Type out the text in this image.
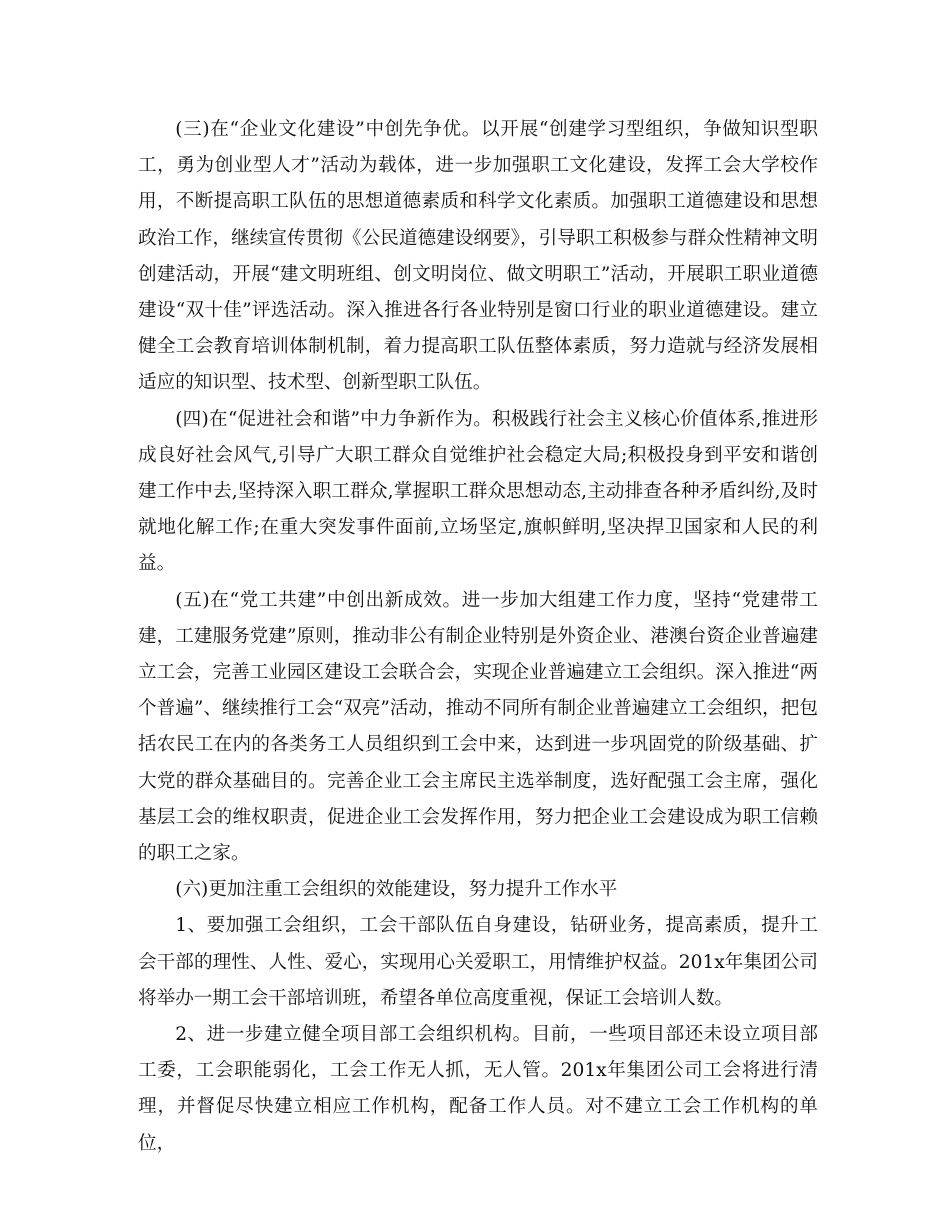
(三)在“企业文化建设”中创先争优。以开展“创建学习型组织，争做知识型职工，勇为创业型人才”活动为载体，进一步加强职工文化建设，发挥工会大学校作用，不断提高职工队伍的思想道德素质和科学文化素质。加强职工道德建设和思想政治工作，继续宣传贯彻《公民道德建设纲要》，引导职工积极参与群众性精神文明创建活动，开展“建文明班组、创文明岗位、做文明职工”活动，开展职工职业道德建设“双十佳”评选活动。深入推进各行各业特别是窗口行业的职业道德建设。建立健全工会教育培训体制机制，着力提高职工队伍整体素质，努力造就与经济发展相适应的知识型、技术型、创新型职工队伍。

(四)在“促进社会和谐”中力争新作为。积极践行社会主义核心价值体系,推进形成良好社会风气,引导广大职工群众自觉维护社会稳定大局;积极投身到平安和谐创建工作中去,坚持深入职工群众,掌握职工群众思想动态,主动排查各种矛盾纠纷,及时就地化解工作;在重大突发事件面前,立场坚定,旗帜鲜明,坚决捍卫国家和人民的利益。

(五)在“党工共建”中创出新成效。进一步加大组建工作力度，坚持“党建带工建，工建服务党建”原则，推动非公有制企业特别是外资企业、港澳台资企业普遍建立工会，完善工业园区建设工会联合会，实现企业普遍建立工会组织。深入推进“两个普遍”、继续推行工会“双亮”活动，推动不同所有制企业普遍建立工会组织，把包括农民工在内的各类务工人员组织到工会中来，达到进一步巩固党的阶级基础、扩大党的群众基础目的。完善企业工会主席民主选举制度，选好配强工会主席，强化基层工会的维权职责，促进企业工会发挥作用，努力把企业工会建设成为职工信赖的职工之家。

(六)更加注重工会组织的效能建设，努力提升工作水平

1、要加强工会组织，工会干部队伍自身建设，钻研业务，提高素质，提升工会干部的理性、人性、爱心，实现用心关爱职工，用情维护权益。201x年集团公司将举办一期工会干部培训班，希望各单位高度重视，保证工会培训人数。

2、进一步建立健全项目部工会组织机构。目前，一些项目部还未设立项目部工委，工会职能弱化，工会工作无人抓，无人管。201x年集团公司工会将进行清理，并督促尽快建立相应工作机构，配备工作人员。对不建立工会工作机构的单位，
